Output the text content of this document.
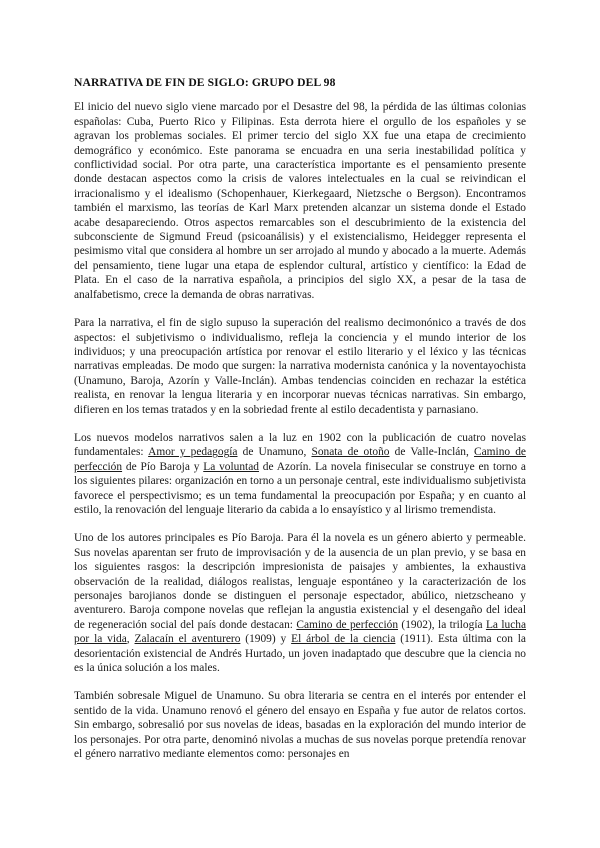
NARRATIVA DE FIN DE SIGLO: GRUPO DEL 98

El inicio del nuevo siglo viene marcado por el Desastre del 98, la pérdida de las últimas colonias españolas: Cuba, Puerto Rico y Filipinas. Esta derrota hiere el orgullo de los españoles y se agravan los problemas sociales. El primer tercio del siglo XX fue una etapa de crecimiento demográfico y económico. Este panorama se encuadra en una seria inestabilidad política y conflictividad social. Por otra parte, una característica importante es el pensamiento presente donde destacan aspectos como la crisis de valores intelectuales en la cual se reivindican el irracionalismo y el idealismo (Schopenhauer, Kierkegaard, Nietzsche o Bergson). Encontramos también el marxismo, las teorías de Karl Marx pretenden alcanzar un sistema donde el Estado acabe desapareciendo. Otros aspectos remarcables son el descubrimiento de la existencia del subconsciente de Sigmund Freud (psicoanálisis) y el existencialismo, Heidegger representa el pesimismo vital que considera al hombre un ser arrojado al mundo y abocado a la muerte. Además del pensamiento, tiene lugar una etapa de esplendor cultural, artístico y científico: la Edad de Plata. En el caso de la narrativa española, a principios del siglo XX, a pesar de la tasa de analfabetismo, crece la demanda de obras narrativas.

Para la narrativa, el fin de siglo supuso la superación del realismo decimonónico a través de dos aspectos: el subjetivismo o individualismo, refleja la conciencia y el mundo interior de los individuos; y una preocupación artística por renovar el estilo literario y el léxico y las técnicas narrativas empleadas. De modo que surgen: la narrativa modernista canónica y la noventayochista (Unamuno, Baroja, Azorín y Valle-Inclán). Ambas tendencias coinciden en rechazar la estética realista, en renovar la lengua literaria y en incorporar nuevas técnicas narrativas. Sin embargo, difieren en los temas tratados y en la sobriedad frente al estilo decadentista y parnasiano.

Los nuevos modelos narrativos salen a la luz en 1902 con la publicación de cuatro novelas fundamentales: Amor y pedagogía de Unamuno, Sonata de otoño de Valle-Inclán, Camino de perfección de Pío Baroja y La voluntad de Azorín. La novela finisecular se construye en torno a los siguientes pilares: organización en torno a un personaje central, este individualismo subjetivista favorece el perspectivismo; es un tema fundamental la preocupación por España; y en cuanto al estilo, la renovación del lenguaje literario da cabida a lo ensayístico y al lirismo tremendista.

Uno de los autores principales es Pío Baroja. Para él la novela es un género abierto y permeable. Sus novelas aparentan ser fruto de improvisación y de la ausencia de un plan previo, y se basa en los siguientes rasgos: la descripción impresionista de paisajes y ambientes, la exhaustiva observación de la realidad, diálogos realistas, lenguaje espontáneo y la caracterización de los personajes barojianos donde se distinguen el personaje espectador, abúlico, nietzscheano y aventurero. Baroja compone novelas que reflejan la angustia existencial y el desengaño del ideal de regeneración social del país donde destacan: Camino de perfección (1902), la trilogía La lucha por la vida, Zalacaín el aventurero (1909) y El árbol de la ciencia (1911). Esta última con la desorientación existencial de Andrés Hurtado, un joven inadaptado que descubre que la ciencia no es la única solución a los males.

También sobresale Miguel de Unamuno. Su obra literaria se centra en el interés por entender el sentido de la vida. Unamuno renovó el género del ensayo en España y fue autor de relatos cortos. Sin embargo, sobresalió por sus novelas de ideas, basadas en la exploración del mundo interior de los personajes. Por otra parte, denominó nivolas a muchas de sus novelas porque pretendía renovar el género narrativo mediante elementos como: personajes en
